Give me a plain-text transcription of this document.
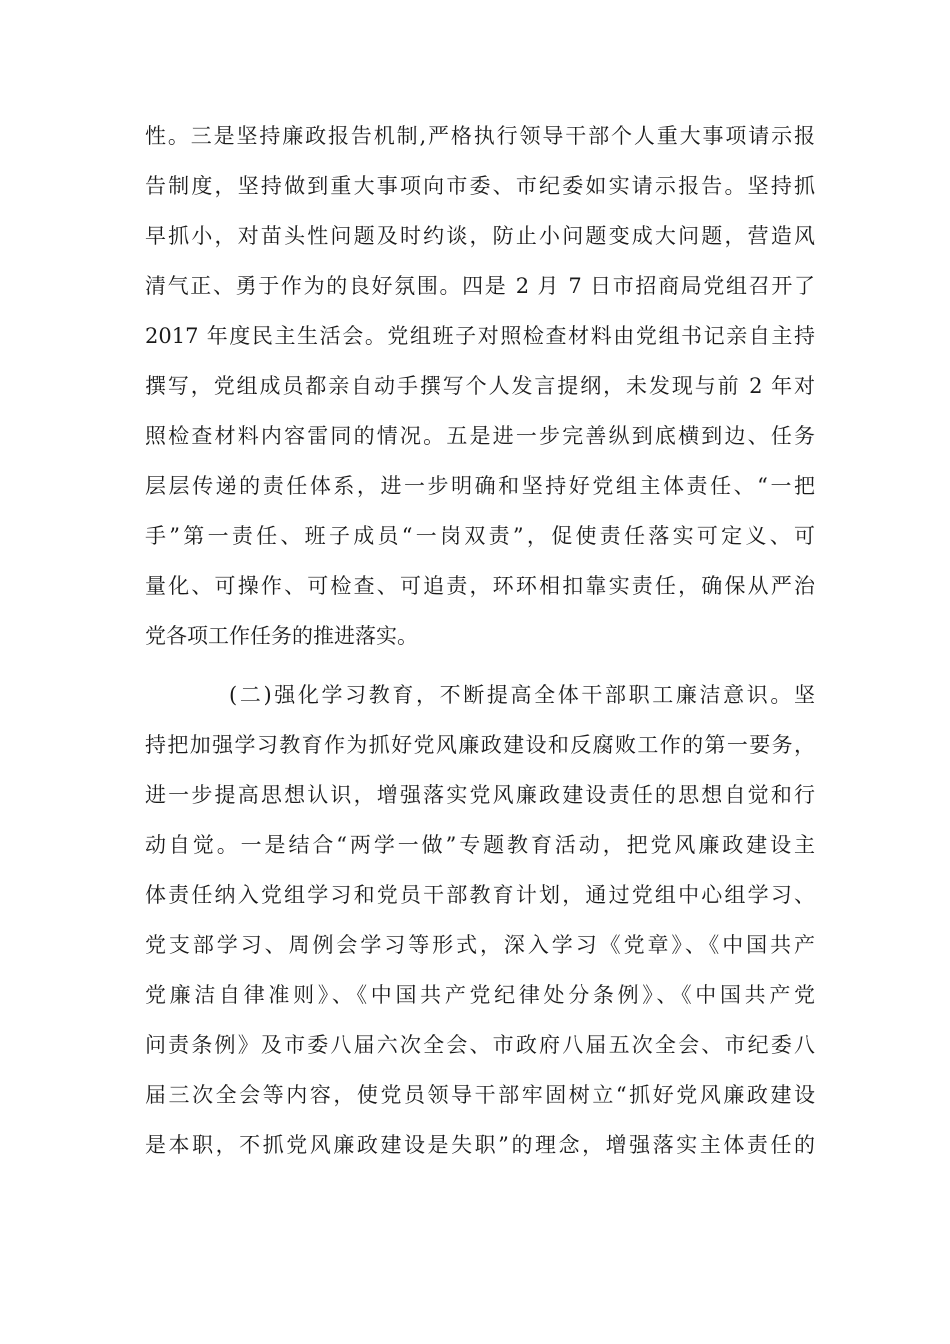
性。三是坚持廉政报告机制,严格执行领导干部个人重大事项请示报
告制度，坚持做到重大事项向市委、市纪委如实请示报告。坚持抓
早抓小，对苗头性问题及时约谈，防止小问题变成大问题，营造风
清气正、勇于作为的良好氛围。四是 2 月 7 日市招商局党组召开了
2017 年度民主生活会。党组班子对照检查材料由党组书记亲自主持
撰写，党组成员都亲自动手撰写个人发言提纲，未发现与前 2 年对
照检查材料内容雷同的情况。五是进一步完善纵到底横到边、任务
层层传递的责任体系，进一步明确和坚持好党组主体责任、“一把
手”第一责任、班子成员“一岗双责”，促使责任落实可定义、可
量化、可操作、可检查、可追责，环环相扣靠实责任，确保从严治
党各项工作任务的推进落实。
(二)强化学习教育，不断提高全体干部职工廉洁意识。坚
持把加强学习教育作为抓好党风廉政建设和反腐败工作的第一要务，
进一步提高思想认识，增强落实党风廉政建设责任的思想自觉和行
动自觉。一是结合“两学一做”专题教育活动，把党风廉政建设主
体责任纳入党组学习和党员干部教育计划，通过党组中心组学习、
党支部学习、周例会学习等形式，深入学习《党章》、《中国共产
党廉洁自律准则》、《中国共产党纪律处分条例》、《中国共产党
问责条例》及市委八届六次全会、市政府八届五次全会、市纪委八
届三次全会等内容，使党员领导干部牢固树立“抓好党风廉政建设
是本职，不抓党风廉政建设是失职”的理念，增强落实主体责任的
